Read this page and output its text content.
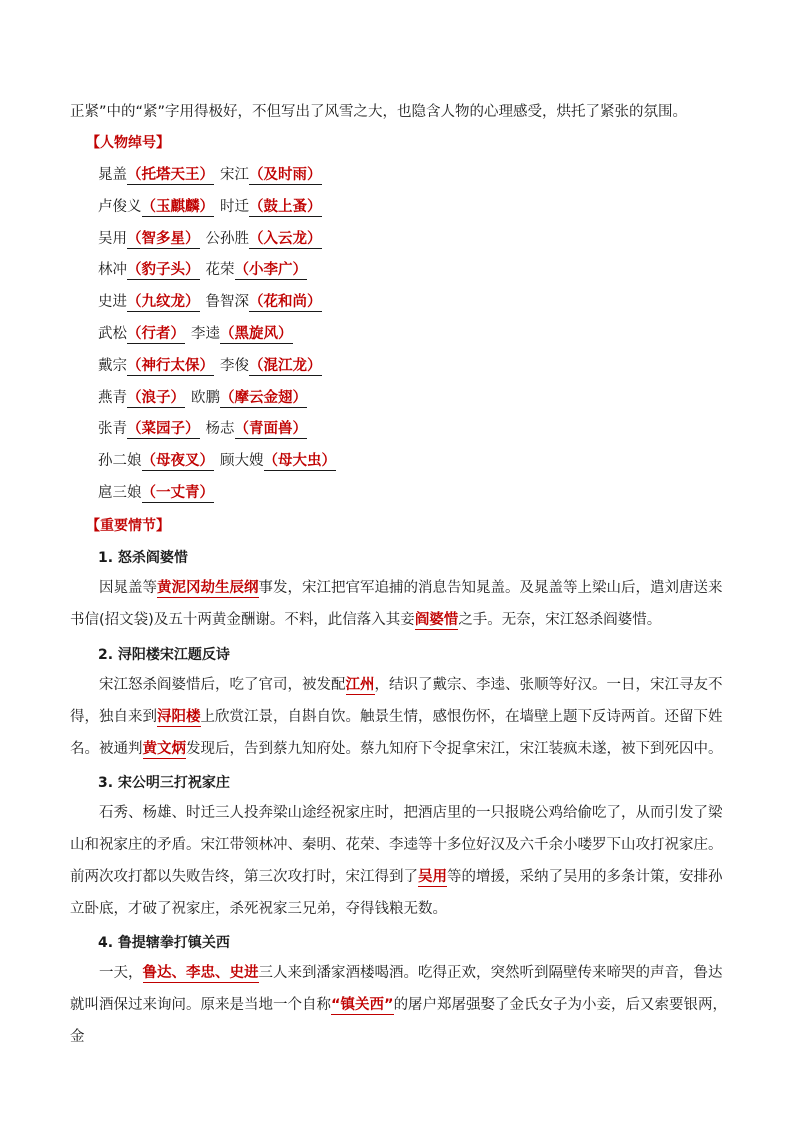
正紧”中的“紧”字用得极好，不但写出了风雪之大，也隐含人物的心理感受，烘托了紧张的氛围。
【人物绰号】
晁盖（托塔天王） 宋江（及时雨）
卢俊义（玉麒麟） 时迁（鼓上蚤）
吴用（智多星） 公孙胜（入云龙）
林冲（豹子头） 花荣（小李广）
史进（九纹龙） 鲁智深（花和尚）
武松（行者） 李逵（黑旋风）
戴宗（神行太保） 李俊（混江龙）
燕青（浪子） 欧鹏（摩云金翅）
张青（菜园子） 杨志（青面兽）
孙二娘（母夜叉） 顾大嫂（母大虫）
扈三娘（一丈青）
【重要情节】
1. 怒杀阎婆惜

因晁盖等黄泥冈劫生辰纲事发，宋江把官军追捕的消息告知晁盖。及晁盖等上梁山后，遣刘唐送来书信(招文袋)及五十两黄金酬谢。不料，此信落入其妾阎婆惜之手。无奈，宋江怒杀阎婆惜。

2. 浔阳楼宋江题反诗

宋江怒杀阎婆惜后，吃了官司，被发配江州，结识了戴宗、李逵、张顺等好汉。一日，宋江寻友不得，独自来到浔阳楼上欣赏江景，自斟自饮。触景生情，感恨伤怀，在墙壁上题下反诗两首。还留下姓名。被通判黄文炳发现后，告到蔡九知府处。蔡九知府下令捉拿宋江，宋江装疯未遂，被下到死囚中。

3. 宋公明三打祝家庄

石秀、杨雄、时迁三人投奔梁山途经祝家庄时，把酒店里的一只报晓公鸡给偷吃了，从而引发了梁山和祝家庄的矛盾。宋江带领林冲、秦明、花荣、李逵等十多位好汉及六千余小喽罗下山攻打祝家庄。前两次攻打都以失败告终，第三次攻打时，宋江得到了吴用等的增援，采纳了吴用的多条计策，安排孙立卧底，才破了祝家庄，杀死祝家三兄弟，夺得钱粮无数。

4. 鲁提辖拳打镇关西

一天，鲁达、李忠、史进三人来到潘家酒楼喝酒。吃得正欢，突然听到隔壁传来啼哭的声音，鲁达就叫酒保过来询问。原来是当地一个自称“镇关西”的屠户郑屠强娶了金氏女子为小妾，后又索要银两，金
